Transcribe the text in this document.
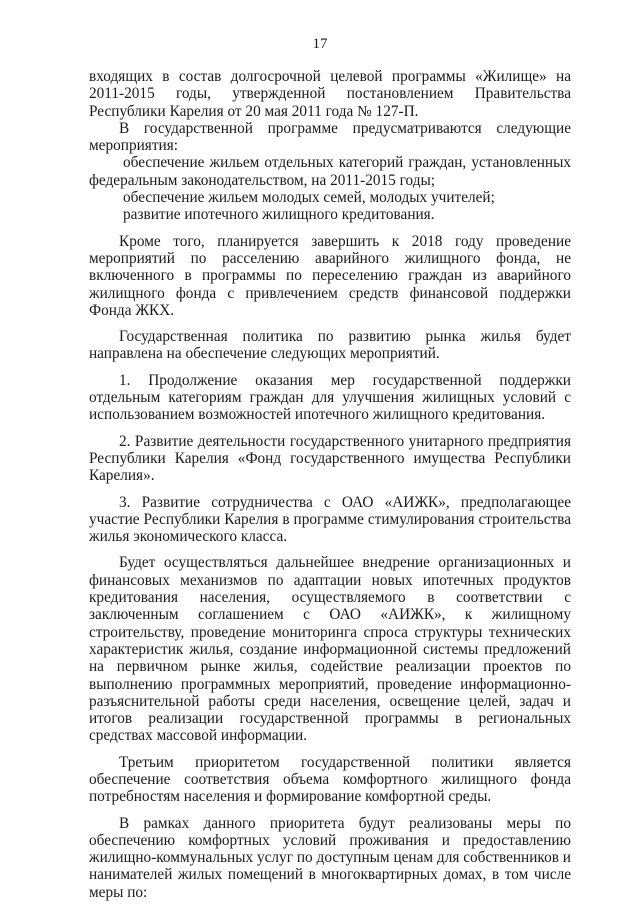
17

входящих в состав долгосрочной целевой программы «Жилище» на 2011-2015 годы, утвержденной постановлением Правительства Республики Карелия от 20 мая 2011 года № 127-П.

В государственной программе предусматриваются следующие мероприятия:

обеспечение жильем отдельных категорий граждан, установленных федеральным законодательством, на 2011-2015 годы;

обеспечение жильем молодых семей, молодых учителей;

развитие ипотечного жилищного кредитования.

Кроме того, планируется завершить к 2018 году проведение мероприятий по расселению аварийного жилищного фонда, не включенного в программы по переселению граждан из аварийного жилищного фонда с привлечением средств финансовой поддержки Фонда ЖКХ.

Государственная политика по развитию рынка жилья будет направлена на обеспечение следующих мероприятий.

1. Продолжение оказания мер государственной поддержки отдельным категориям граждан для улучшения жилищных условий с использованием возможностей ипотечного жилищного кредитования.

2. Развитие деятельности государственного унитарного предприятия Республики Карелия «Фонд государственного имущества Республики Карелия».

3. Развитие сотрудничества с ОАО «АИЖК», предполагающее участие Республики Карелия в программе стимулирования строительства жилья экономического класса.

Будет осуществляться дальнейшее внедрение организационных и финансовых механизмов по адаптации новых ипотечных продуктов кредитования населения, осуществляемого в соответствии с заключенным соглашением с ОАО «АИЖК», к жилищному строительству, проведение мониторинга спроса структуры технических характеристик жилья, создание информационной системы предложений на первичном рынке жилья, содействие реализации проектов по выполнению программных мероприятий, проведение информационно-разъяснительной работы среди населения, освещение целей, задач и итогов реализации государственной программы в региональных средствах массовой информации.

Третьим приоритетом государственной политики является обеспечение соответствия объема комфортного жилищного фонда потребностям населения и формирование комфортной среды.

В рамках данного приоритета будут реализованы меры по обеспечению комфортных условий проживания и предоставлению жилищно-коммунальных услуг по доступным ценам для собственников и нанимателей жилых помещений в многоквартирных домах, в том числе меры по:
